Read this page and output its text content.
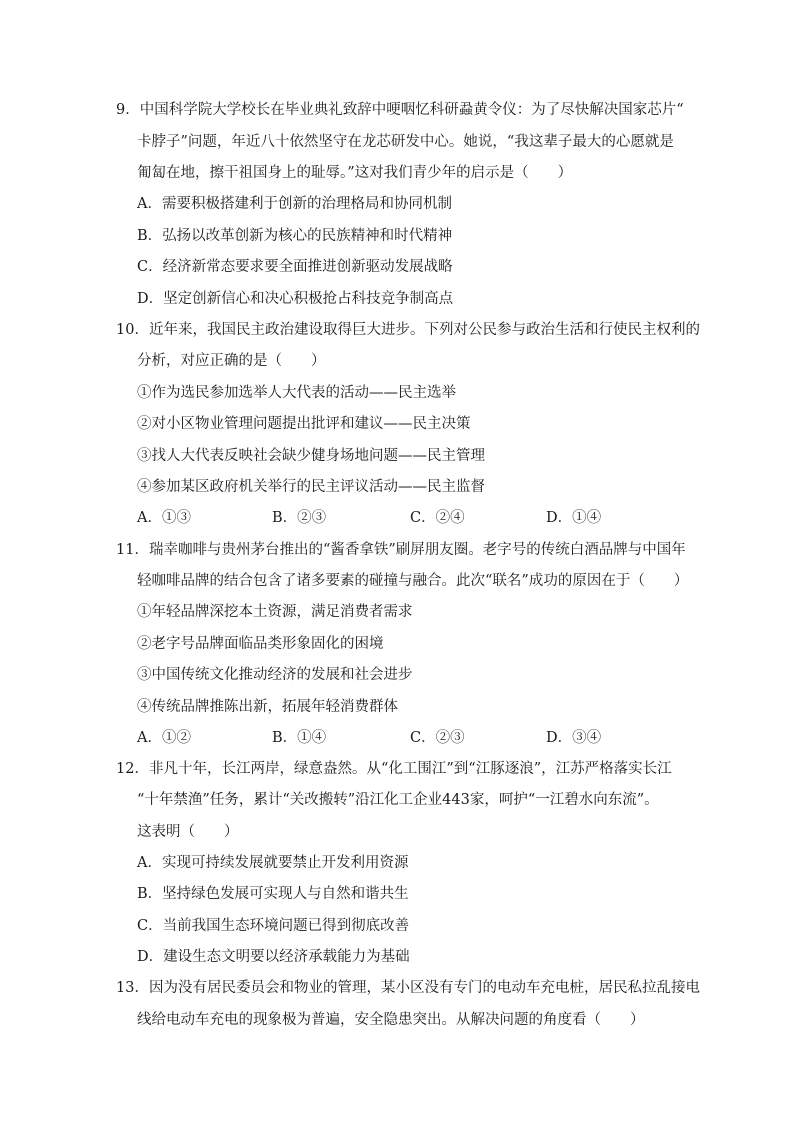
9．中国科学院大学校长在毕业典礼致辞中哽咽忆科研蝨黄令仪：为了尽快解决国家芯片“
卡脖子”问题，年近八十依然坚守在龙芯研发中心。她说，“我这辈子最大的心愿就是
匍匐在地，擦干祖国身上的耻辱。”这对我们青少年的启示是（　　）
A．需要积极搭建利于创新的治理格局和协同机制
B．弘扬以改革创新为核心的民族精神和时代精神
C．经济新常态要求要全面推进创新驱动发展战略
D．坚定创新信心和决心积极抢占科技竞争制高点
10．近年来，我国民主政治建设取得巨大进步。下列对公民参与政治生活和行使民主权利的
分析，对应正确的是（　　）
①作为选民参加选举人大代表的活动——民主选举
②对小区物业管理问题提出批评和建议——民主决策
③找人大代表反映社会缺少健身场地问题——民主管理
④参加某区政府机关举行的民主评议活动——民主监督
A．①③	B．②③	C．②④	D．①④
11．瑞幸咖啡与贵州茅台推出的“酱香拿铁”刷屏朋友圈。老字号的传统白酒品牌与中国年
轻咖啡品牌的结合包含了诸多要素的碰撞与融合。此次“联名”成功的原因在于（　　）
①年轻品牌深挖本土资源，满足消费者需求
②老字号品牌面临品类形象固化的困境
③中国传统文化推动经济的发展和社会进步
④传统品牌推陈出新，拓展年轻消费群体
A．①②	B．①④	C．②③	D．③④
12．非凡十年，长江两岸，绿意盎然。从“化工围江”到“江豚逐浪”，江苏严格落实长江
“十年禁渔”任务，累计“关改搬转”沿江化工企业443家，呵护“一江碧水向东流”。
这表明（　　）
A．实现可持续发展就要禁止开发利用资源
B．坚持绿色发展可实现人与自然和谐共生
C．当前我国生态环境问题已得到彻底改善
D．建设生态文明要以经济承载能力为基础
13．因为没有居民委员会和物业的管理，某小区没有专门的电动车充电桩，居民私拉乱接电
线给电动车充电的现象极为普遍，安全隐患突出。从解决问题的角度看（　　）
